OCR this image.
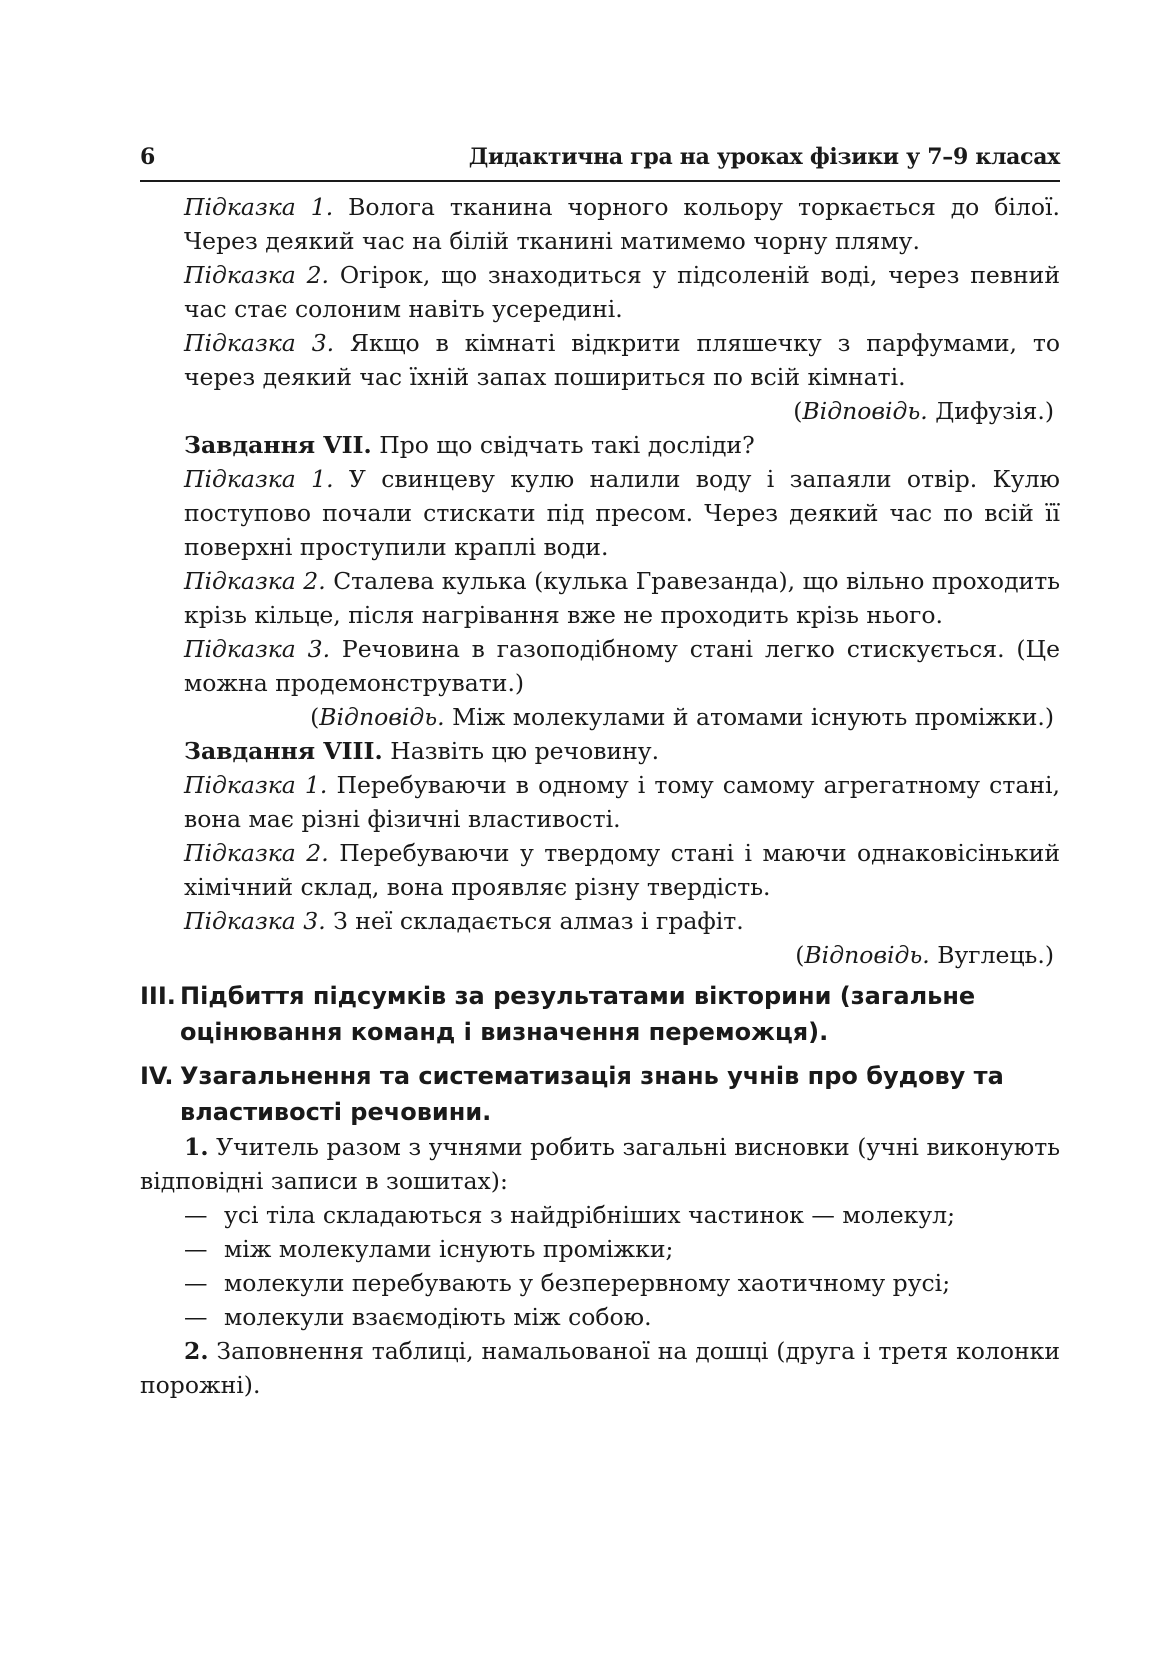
6	Дидактична гра на уроках фізики у 7–9 класах

Підказка 1. Волога тканина чорного кольору торкається до білої. Через деякий час на білій тканині матимемо чорну пляму.

Підказка 2. Огірок, що знаходиться у підсоленій воді, через певний час стає солоним навіть усередині.

Підказка 3. Якщо в кімнаті відкрити пляшечку з парфумами, то через деякий час їхній запах пошириться по всій кімнаті.

(Відповідь. Дифузія.)

Завдання VII. Про що свідчать такі досліди?

Підказка 1. У свинцеву кулю налили воду і запаяли отвір. Кулю поступово почали стискати під пресом. Через деякий час по всій її поверхні проступили краплі води.

Підказка 2. Сталева кулька (кулька Гравезанда), що вільно проходить крізь кільце, після нагрівання вже не проходить крізь нього.

Підказка 3. Речовина в газоподібному стані легко стискується. (Це можна продемонструвати.)

(Відповідь. Між молекулами й атомами існують проміжки.)

Завдання VIII. Назвіть цю речовину.

Підказка 1. Перебуваючи в одному і тому самому агрегатному стані, вона має різні фізичні властивості.

Підказка 2. Перебуваючи у твердому стані і маючи однаковісінький хімічний склад, вона проявляє різну твердість.

Підказка 3. З неї складається алмаз і графіт.

(Відповідь. Вуглець.)

III. Підбиття підсумків за результатами вікторини (загальне
оцінювання команд і визначення переможця).
IV. Узагальнення та систематизація знань учнів про будову та
властивості речовини.

1. Учитель разом з учнями робить загальні висновки (учні виконують відповідні записи в зошитах):

— усі тіла складаються з найдрібніших частинок — молекул;

— між молекулами існують проміжки;

— молекули перебувають у безперервному хаотичному русі;

— молекули взаємодіють між собою.

2. Заповнення таблиці, намальованої на дошці (друга і третя колонки порожні).
